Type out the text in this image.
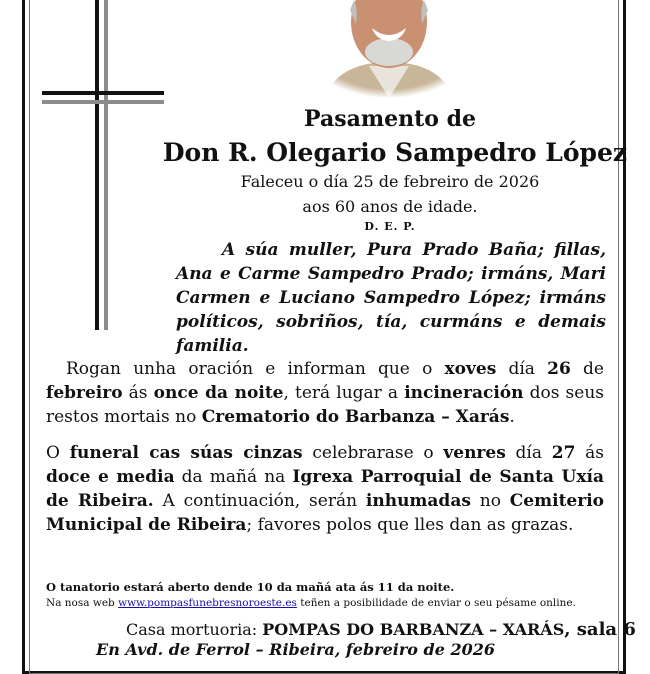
Pasamento de
Don R. Olegario Sampedro López
Faleceu o día 25 de febreiro de 2026
aos 60 anos de idade.
D. E. P.
A súa muller, Pura Prado Baña; fillas, Ana e Carme Sampedro Prado; irmáns, Mari Carmen e Luciano Sampedro López; irmáns políticos, sobriños, tía, curmáns e demais familia.
Rogan unha oración e informan que o xoves día 26 de febreiro ás once da noite, terá lugar a incineración dos seus restos mortais no Crematorio do Barbanza – Xarás.
O funeral cas súas cinzas celebrarase o venres día 27 ás doce e media da mañá na Igrexa Parroquial de Santa Uxía de Ribeira. A continuación, serán inhumadas no Cemiterio Municipal de Ribeira; favores polos que lles dan as grazas.
O tanatorio estará aberto dende 10 da mañá ata ás 11 da noite.
Na nosa web www.pompasfunebresnoroeste.es teñen a posibilidade de enviar o seu pésame online.
Casa mortuoria: POMPAS DO BARBANZA – XARÁS, sala 6
En Avd. de Ferrol – Ribeira, febreiro de 2026
